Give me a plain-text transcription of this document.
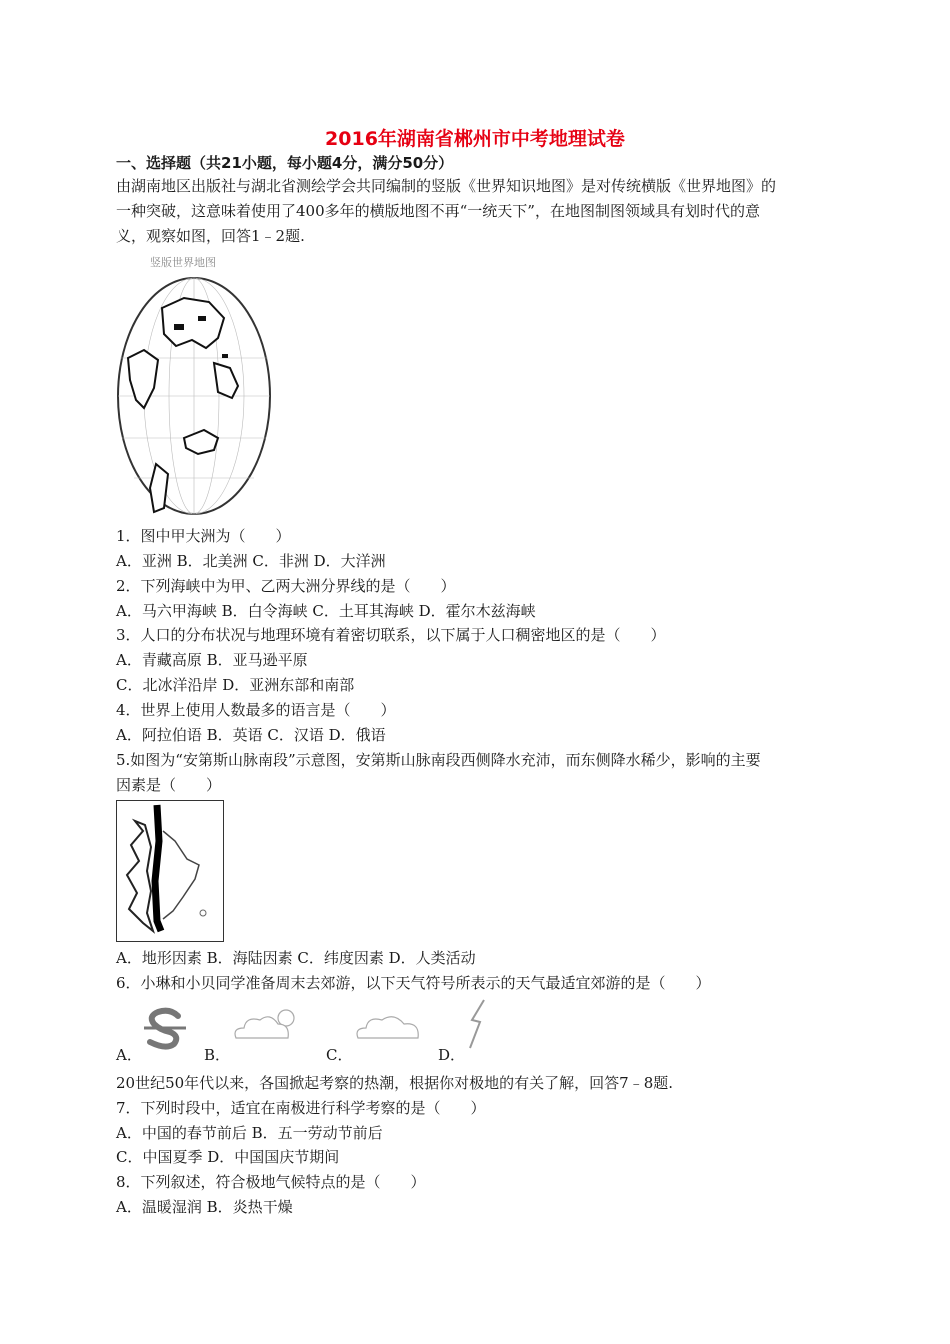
2016年湖南省郴州市中考地理试卷
一、选择题（共21小题，每小题4分，满分50分）
由湖南地区出版社与湖北省测绘学会共同编制的竖版《世界知识地图》是对传统横版《世界地图》的
一种突破，这意味着使用了400多年的横版地图不再“一统天下”，在地图制图领域具有划时代的意
义，观察如图，回答1﹣2题.
竖版世界地图
1．图中甲大洲为（　　）
A．亚洲 B．北美洲 C．非洲 D．大洋洲
2．下列海峡中为甲、乙两大洲分界线的是（　　）
A．马六甲海峡 B．白令海峡 C．土耳其海峡 D．霍尔木兹海峡
3．人口的分布状况与地理环境有着密切联系，以下属于人口稠密地区的是（　　）
A．青藏高原 B．亚马逊平原
C．北冰洋沿岸 D．亚洲东部和南部
4．世界上使用人数最多的语言是（　　）
A．阿拉伯语 B．英语 C．汉语 D．俄语
5.如图为“安第斯山脉南段”示意图，安第斯山脉南段西侧降水充沛，而东侧降水稀少，影响的主要
因素是（　　）
A．地形因素 B．海陆因素 C．纬度因素 D．人类活动
6．小琳和小贝同学准备周末去郊游，以下天气符号所表示的天气最适宜郊游的是（　　）
A．	B．	C．	D．
20世纪50年代以来，各国掀起考察的热潮，根据你对极地的有关了解，回答7﹣8题.
7．下列时段中，适宜在南极进行科学考察的是（　　）
A．中国的春节前后 B．五一劳动节前后
C．中国夏季 D．中国国庆节期间
8．下列叙述，符合极地气候特点的是（　　）
A．温暖湿润 B．炎热干燥
